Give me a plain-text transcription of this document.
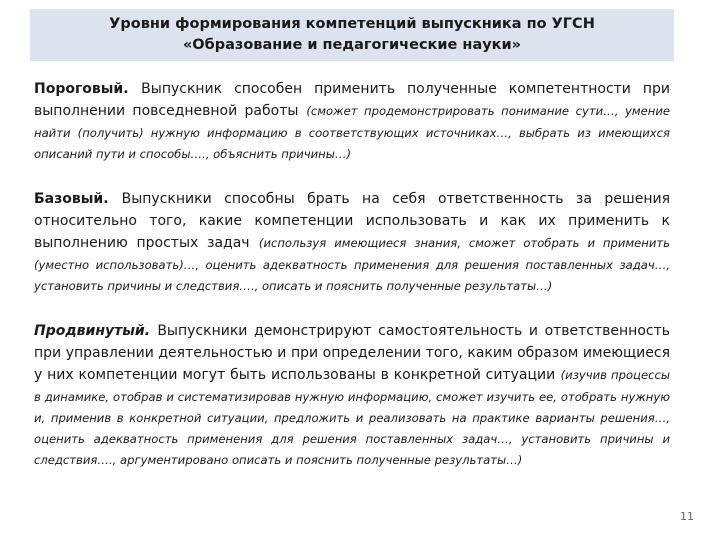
Уровни формирования компетенций выпускника по УГСН
«Образование и педагогические науки»

Пороговый. Выпускник способен применить полученные компетентности при выполнении повседневной работы (сможет продемонстрировать понимание сути…, умение найти (получить) нужную информацию в соответствующих источниках…, выбрать из имеющихся описаний пути и способы…., объяснить причины…)

Базовый. Выпускники способны брать на себя ответственность за решения относительно того, какие компетенции использовать и как их применить к выполнению простых задач (используя имеющиеся знания, сможет отобрать и применить (уместно использовать)…, оценить адекватность применения для решения поставленных задач…, установить причины и следствия…., описать и пояснить полученные результаты…)

Продвинутый. Выпускники демонстрируют самостоятельность и ответственность при управлении деятельностью и при определении того, каким образом имеющиеся у них компетенции могут быть использованы в конкретной ситуации (изучив процессы в динамике, отобрав и систематизировав нужную информацию, сможет изучить ее, отобрать нужную и, применив в конкретной ситуации, предложить и реализовать на практике варианты решения…, оценить адекватность применения для решения поставленных задач…, установить причины и следствия…., аргументировано описать и пояснить полученные результаты…)

11
